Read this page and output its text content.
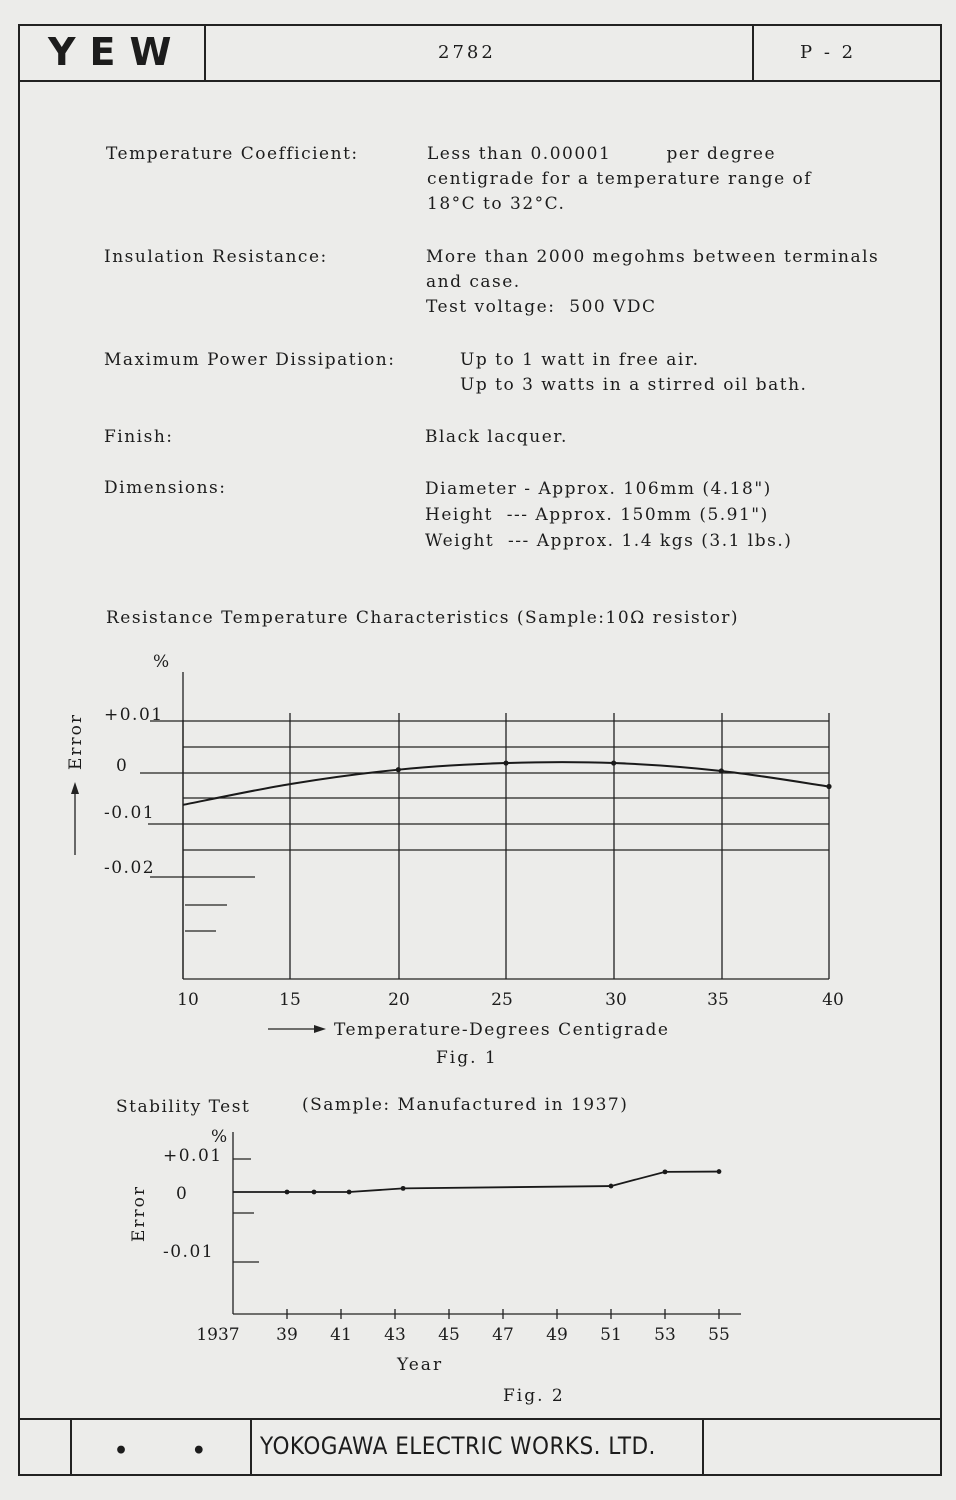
YEW	2782	P - 2
• • YOKOGAWA ELECTRIC WORKS. LTD.
Temperature Coefficient:	Less than 0.00001        per degree
centigrade for a temperature range of
18°C to 32°C.
Insulation Resistance:	More than 2000 megohms between terminals
and case.
Test voltage:  500 VDC
Maximum Power Dissipation:	Up to 1 watt in free air.
Up to 3 watts in a stirred oil bath.
Finish:	Black lacquer.
Dimensions:	Diameter - Approx. 106mm (4.18")
Height  --- Approx. 150mm (5.91")
Weight  --- Approx. 1.4 kgs (3.1 lbs.)
Resistance Temperature Characteristics (Sample:10Ω resistor)
%
Error +0.01
0
-0.01
-0.02
10	15	20	25	30	35	40
Temperature-Degrees Centigrade
Fig. 1
Stability Test	(Sample: Manufactured in 1937)
%
Error
+0.01
0
-0.01
1937 39 41 43 45 47 49 51 53 55
Year
Fig. 2
